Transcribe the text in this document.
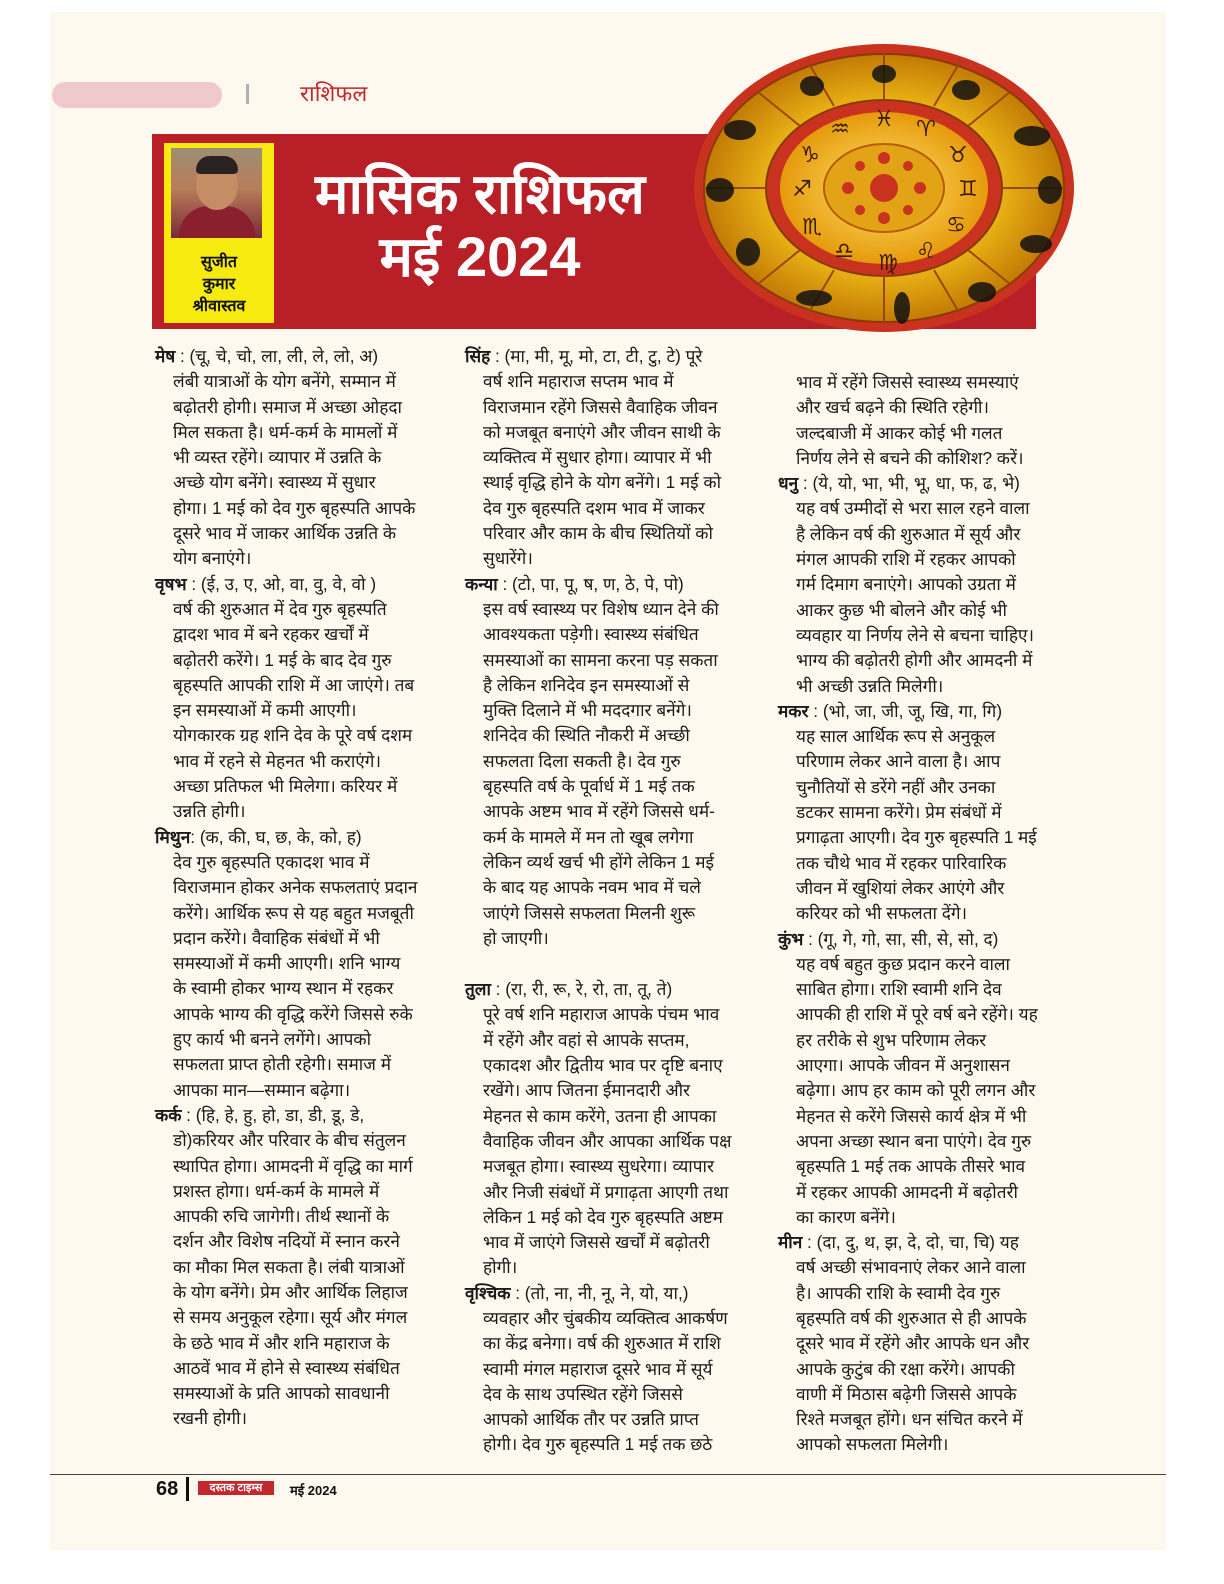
राशिफल
सुजीत
कुमार
श्रीवास्तव
मासिक राशिफल
मई 2024
♓ ♈
♉
♊
♋
♌
♍
♎
♏
♐
♑
♒

मेष : (चू, चे, चो, ला, ली, ले, लो, अ)

लंबी यात्राओं के योग बनेंगे, सम्मान में

बढ़ोतरी होगी। समाज में अच्छा ओहदा

मिल सकता है। धर्म-कर्म के मामलों में

भी व्यस्त रहेंगे। व्यापार में उन्नति के

अच्छे योग बनेंगे। स्वास्थ्य में सुधार

होगा। 1 मई को देव गुरु बृहस्पति आपके

दूसरे भाव में जाकर आर्थिक उन्नति के

योग बनाएंगे।

वृषभ : (ई, उ, ए, ओ, वा, वु, वे, वो )

वर्ष की शुरुआत में देव गुरु बृहस्पति

द्वादश भाव में बने रहकर खर्चों में

बढ़ोतरी करेंगे। 1 मई के बाद देव गुरु

बृहस्पति आपकी राशि में आ जाएंगे। तब

इन समस्याओं में कमी आएगी।

योगकारक ग्रह शनि देव के पूरे वर्ष दशम

भाव में रहने से मेहनत भी कराएंगे।

अच्छा प्रतिफल भी मिलेगा। करियर में

उन्नति होगी।

मिथुन: (क, की, घ, छ, के, को, ह)

देव गुरु बृहस्पति एकादश भाव में

विराजमान होकर अनेक सफलताएं प्रदान

करेंगे। आर्थिक रूप से यह बहुत मजबूती

प्रदान करेंगे। वैवाहिक संबंधों में भी

समस्याओं में कमी आएगी। शनि भाग्य

के स्वामी होकर भाग्य स्थान में रहकर

आपके भाग्य की वृद्धि करेंगे जिससे रुके

हुए कार्य भी बनने लगेंगे। आपको

सफलता प्राप्त होती रहेगी। समाज में

आपका मान—सम्मान बढ़ेगा।

कर्क : (हि, हे, हु, हो, डा, डी, डू, डे,

डो)करियर और परिवार के बीच संतुलन

स्थापित होगा। आमदनी में वृद्धि का मार्ग

प्रशस्त होगा। धर्म-कर्म के मामले में

आपकी रुचि जागेगी। तीर्थ स्थानों के

दर्शन और विशेष नदियों में स्नान करने

का मौका मिल सकता है। लंबी यात्राओं

के योग बनेंगे। प्रेम और आर्थिक लिहाज

से समय अनुकूल रहेगा। सूर्य और मंगल

के छठे भाव में और शनि महाराज के

आठवें भाव में होने से स्वास्थ्य संबंधित

समस्याओं के प्रति आपको सावधानी

रखनी होगी।

सिंह : (मा, मी, मू, मो, टा, टी, टु, टे) पूरे

वर्ष शनि महाराज सप्तम भाव में

विराजमान रहेंगे जिससे वैवाहिक जीवन

को मजबूत बनाएंगे और जीवन साथी के

व्यक्तित्व में सुधार होगा। व्यापार में भी

स्थाई वृद्धि होने के योग बनेंगे। 1 मई को

देव गुरु बृहस्पति दशम भाव में जाकर

परिवार और काम के बीच स्थितियों को

सुधारेंगे।

कन्या : (टो, पा, पू, ष, ण, ठे, पे, पो)

इस वर्ष स्वास्थ्य पर विशेष ध्यान देने की

आवश्यकता पड़ेगी। स्वास्थ्य संबंधित

समस्याओं का सामना करना पड़ सकता

है लेकिन शनिदेव इन समस्याओं से

मुक्ति दिलाने में भी मददगार बनेंगे।

शनिदेव की स्थिति नौकरी में अच्छी

सफलता दिला सकती है। देव गुरु

बृहस्पति वर्ष के पूर्वार्ध में 1 मई तक

आपके अष्टम भाव में रहेंगे जिससे धर्म-

कर्म के मामले में मन तो खूब लगेगा

लेकिन व्यर्थ खर्च भी होंगे लेकिन 1 मई

के बाद यह आपके नवम भाव में चले

जाएंगे जिससे सफलता मिलनी शुरू

हो जाएगी।

तुला : (रा, री, रू, रे, रो, ता, तू, ते)

पूरे वर्ष शनि महाराज आपके पंचम भाव

में रहेंगे और वहां से आपके सप्तम,

एकादश और द्वितीय भाव पर दृष्टि बनाए

रखेंगे। आप जितना ईमानदारी और

मेहनत से काम करेंगे, उतना ही आपका

वैवाहिक जीवन और आपका आर्थिक पक्ष

मजबूत होगा। स्वास्थ्य सुधरेगा। व्यापार

और निजी संबंधों में प्रगाढ़ता आएगी तथा

लेकिन 1 मई को देव गुरु बृहस्पति अष्टम

भाव में जाएंगे जिससे खर्चों में बढ़ोतरी

होगी।

वृश्चिक : (तो, ना, नी, नू, ने, यो, या,)

व्यवहार और चुंबकीय व्यक्तित्व आकर्षण

का केंद्र बनेगा। वर्ष की शुरुआत में राशि

स्वामी मंगल महाराज दूसरे भाव में सूर्य

देव के साथ उपस्थित रहेंगे जिससे

आपको आर्थिक तौर पर उन्नति प्राप्त

होगी। देव गुरु बृहस्पति 1 मई तक छठे

भाव में रहेंगे जिससे स्वास्थ्य समस्याएं

और खर्च बढ़ने की स्थिति रहेगी।

जल्दबाजी में आकर कोई भी गलत

निर्णय लेने से बचने की कोशिश? करें।

धनु : (ये, यो, भा, भी, भू, धा, फ, ढ, भे)

यह वर्ष उम्मीदों से भरा साल रहने वाला

है लेकिन वर्ष की शुरुआत में सूर्य और

मंगल आपकी राशि में रहकर आपको

गर्म दिमाग बनाएंगे। आपको उग्रता में

आकर कुछ भी बोलने और कोई भी

व्यवहार या निर्णय लेने से बचना चाहिए।

भाग्य की बढ़ोतरी होगी और आमदनी में

भी अच्छी उन्नति मिलेगी।

मकर : (भो, जा, जी, जू, खि, गा, गि)

यह साल आर्थिक रूप से अनुकूल

परिणाम लेकर आने वाला है। आप

चुनौतियों से डरेंगे नहीं और उनका

डटकर सामना करेंगे। प्रेम संबंधों में

प्रगाढ़ता आएगी। देव गुरु बृहस्पति 1 मई

तक चौथे भाव में रहकर पारिवारिक

जीवन में खुशियां लेकर आएंगे और

करियर को भी सफलता देंगे।

कुंभ : (गू, गे, गो, सा, सी, से, सो, द)

यह वर्ष बहुत कुछ प्रदान करने वाला

साबित होगा। राशि स्वामी शनि देव

आपकी ही राशि में पूरे वर्ष बने रहेंगे। यह

हर तरीके से शुभ परिणाम लेकर

आएगा। आपके जीवन में अनुशासन

बढ़ेगा। आप हर काम को पूरी लगन और

मेहनत से करेंगे जिससे कार्य क्षेत्र में भी

अपना अच्छा स्थान बना पाएंगे। देव गुरु

बृहस्पति 1 मई तक आपके तीसरे भाव

में रहकर आपकी आमदनी में बढ़ोतरी

का कारण बनेंगे।

मीन : (दा, दु, थ, झ, दे, दो, चा, चि) यह

वर्ष अच्छी संभावनाएं लेकर आने वाला

है। आपकी राशि के स्वामी देव गुरु

बृहस्पति वर्ष की शुरुआत से ही आपके

दूसरे भाव में रहेंगे और आपके धन और

आपके कुटुंब की रक्षा करेंगे। आपकी

वाणी में मिठास बढ़ेगी जिससे आपके

रिश्ते मजबूत होंगे। धन संचित करने में

आपको सफलता मिलेगी।

68	दस्तक टाइम्स	मई 2024
